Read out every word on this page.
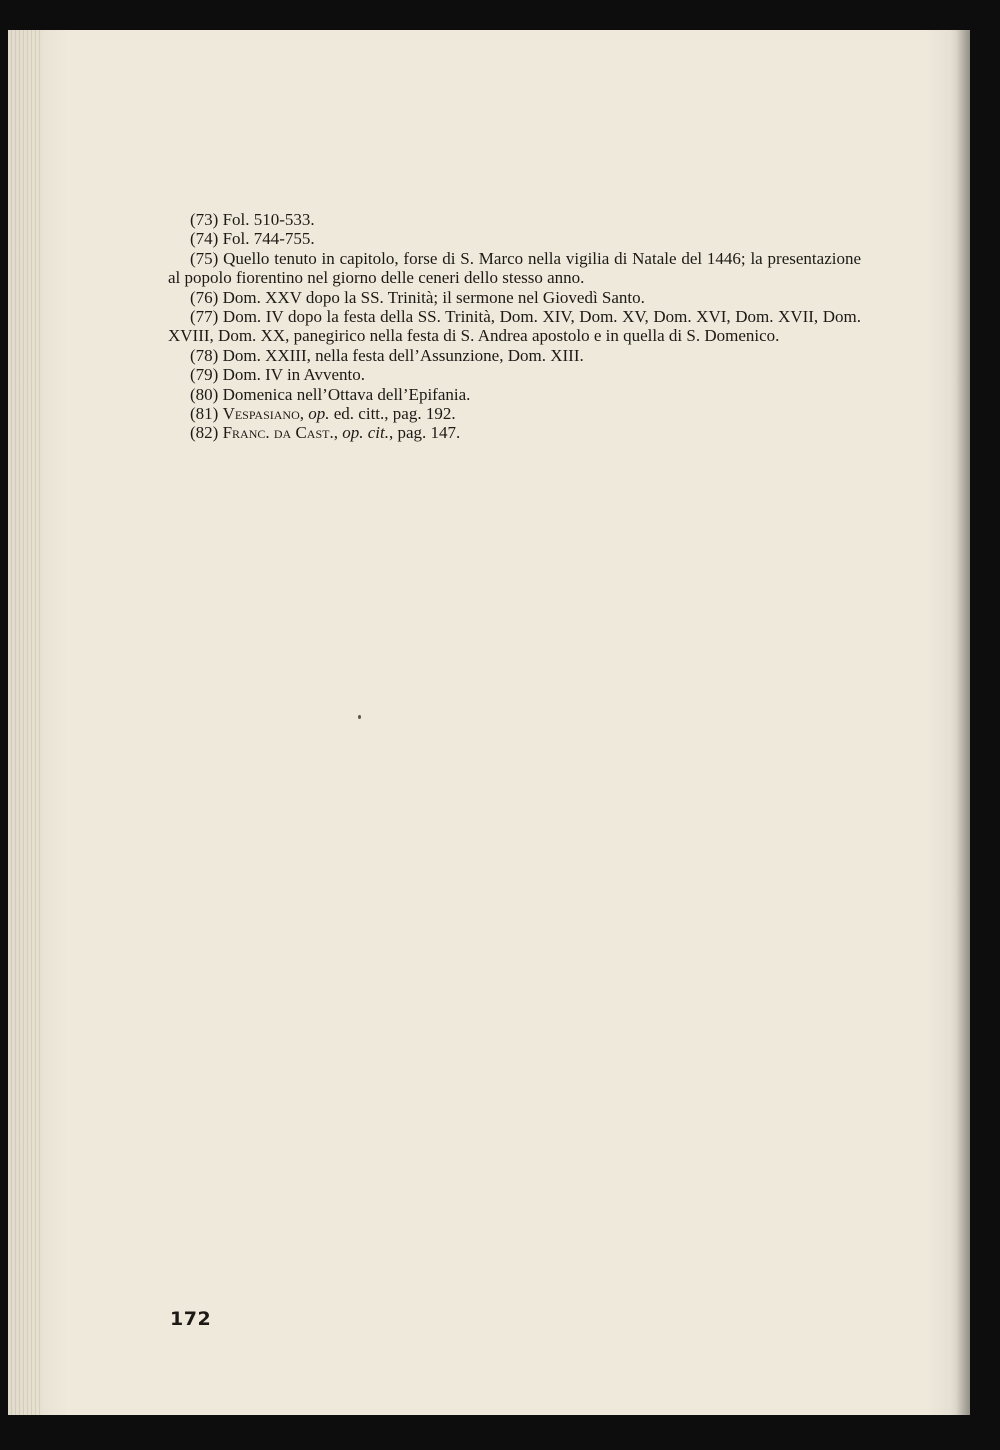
(73) Fol. 510-533.

(74) Fol. 744-755.

(75) Quello tenuto in capitolo, forse di S. Marco nella vigilia di Natale del 1446; la presentazione al popolo fiorentino nel giorno delle ceneri dello stesso anno.

(76) Dom. XXV dopo la SS. Trinità; il sermone nel Giovedì Santo.

(77) Dom. IV dopo la festa della SS. Trinità, Dom. XIV, Dom. XV, Dom. XVI, Dom. XVII, Dom. XVIII, Dom. XX, panegirico nella festa di S. Andrea apostolo e in quella di S. Domenico.

(78) Dom. XXIII, nella festa dell’Assunzione, Dom. XIII.

(79) Dom. IV in Avvento.

(80) Domenica nell’Ottava dell’Epifania.

(81) Vespasiano, op. ed. citt., pag. 192.

(82) Franc. da Cast., op. cit., pag. 147.

172
